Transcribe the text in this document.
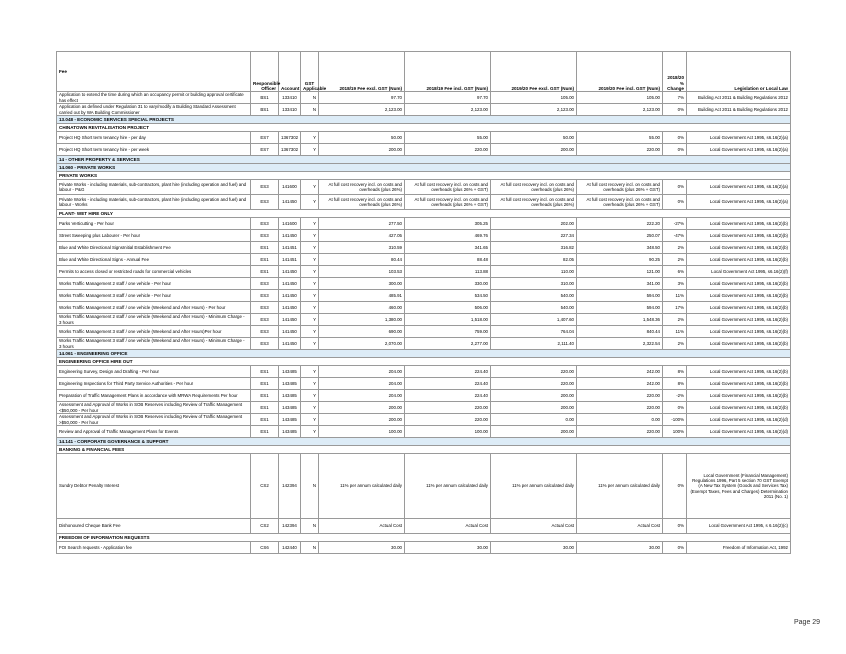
Fee	Responsible Officer	Account	GST Applicable	2018/19 Fee excl. GST (Num)	2018/19 Fee incl. GST (Num)	2019/20 Fee excl. GST (Num)	2019/20 Fee incl. GST (Num)	2018/20 % Change	Legislation or Local Law
Application to extend the time during which an occupancy permit or building approval certificate has effect	BS1	133410	N	97.70	97.70	105.00	105.00	7%	Building Act 2011 & Building Regulations 2012
Application as defined under Regulation 31 to vary/modify a Building Standard Assessment carried out by WA Building Commissioner	BS1	133410	N	2,123.00	2,123.00	2,123.00	2,123.00	0%	Building Act 2011 & Building Regulations 2012
13.048 - ECONOMIC SERVICES SPECIAL PROJECTS									
CHINATOWN REVITALISATION PROJECT									
Project HQ Short term tenancy hire - per day	ES7	1367302	Y	50.00	55.00	50.00	55.00	0%	Local Government Act 1995, s6.16(2)(a)
Project HQ Short term tenancy hire - per week	ES7	1367302	Y	200.00	220.00	200.00	220.00	0%	Local Government Act 1995, s6.16(2)(a)
14 - OTHER PROPERTY & SERVICES									
14.060 - PRIVATE WORKS									
PRIVATE WORKS									
Private Works - including materials, sub-contractors, plant hire (including operation and fuel) and labour - P&G	ES3	141600	Y	At full cost recovery incl. on costs and overheads (plus 26%)	At full cost recovery incl. on costs and overheads (plus 26% + GST)	At full cost recovery incl. on costs and overheads (plus 26%)	At full cost recovery incl. on costs and overheads (plus 26% + GST)	0%	Local Government Act 1995, s6.16(2)(a)
Private Works - including materials, sub-contractors, plant hire (including operation and fuel) and labour - Works	ES3	141450	Y	At full cost recovery incl. on costs and overheads (plus 26%)	At full cost recovery incl. on costs and overheads (plus 26% + GST)	At full cost recovery incl. on costs and overheads (plus 26%)	At full cost recovery incl. on costs and overheads (plus 26% + GST)	0%	Local Government Act 1995, s6.16(2)(a)
PLANT- WET HIRE ONLY									
Parks Verticutting - Per hour	ES3	141600	Y	277.50	305.25	202.00	222.20	-27%	Local Government Act 1995, s6.16(2)(b)
Street Sweeping plus Labourer - Per hour	ES3	141450	Y	427.05	469.76	227.34	250.07	-47%	Local Government Act 1995, s6.16(2)(b)
Blue and White Directional SignsInitial Establishment Fee	ES1	141451	Y	310.59	341.65	316.82	348.50	2%	Local Government Act 1995, s6.16(2)(b)
Blue and White Directional Signs - Annual Fee	ES1	141451	Y	80.44	88.48	82.05	90.25	2%	Local Government Act 1995, s6.16(2)(b)
Permits to access closed or restricted roads for commercial vehicles	ES1	141450	Y	103.53	113.88	110.00	121.00	6%	Local Government Act 1995, s6.16(2)(f)
Works Traffic Management 2 staff / one vehicle - Per hour	ES3	141450	Y	300.00	330.00	310.00	341.00	3%	Local Government Act 1995, s6.16(2)(b)
Works Traffic Management 3 staff / one vehicle - Per hour	ES3	141450	Y	485.91	534.50	540.00	594.00	11%	Local Government Act 1995, s6.16(2)(b)
Works Traffic Management 2 staff / one vehicle (Weekend and After Hours) - Per hour	ES3	141450	Y	460.00	506.00	540.00	594.00	17%	Local Government Act 1995, s6.16(2)(b)
Works Traffic Management 2 staff / one vehicle (Weekend and After Hours) - Minimum Charge - 3 hours	ES3	141450	Y	1,380.00	1,518.00	1,407.60	1,548.36	2%	Local Government Act 1995, s6.16(2)(b)
Works Traffic Management 3 staff / one vehicle (Weekend and After Hours)Per hour	ES3	141450	Y	690.00	759.00	764.04	840.44	11%	Local Government Act 1995, s6.16(2)(b)
Works Traffic Management 3 staff / one vehicle (Weekend and After Hours) - Minimum Charge - 3 hours	ES3	141450	Y	2,070.00	2,277.00	2,111.40	2,322.54	2%	Local Government Act 1995, s6.16(2)(b)
14.061 - ENGINEERING OFFICE									
ENGINEERING OFFICE HIRE OUT									
Engineering Survey, Design and Drafting - Per hour	ES1	143485	Y	204.00	224.40	220.00	242.00	8%	Local Government Act 1995, s6.16(2)(b)
Engineering Inspections for Third Party Service Authorities - Per hour	ES1	143485	Y	204.00	224.40	220.00	242.00	8%	Local Government Act 1995, s6.16(2)(b)
Preparation of Traffic Management Plans in accordance with MRWA Requirements Per hour	ES1	143485	Y	204.00	224.40	200.00	220.00	-2%	Local Government Act 1995, s6.16(2)(b)
Assessment and Approval of Works in SOB Reserves including Review of Traffic Management <$50,000 - Per hour	ES1	143485	Y	200.00	220.00	200.00	220.00	0%	Local Government Act 1995, s6.16(2)(b)
Assessment and Approval of Works in SOB Reserves including Review of Traffic Management >$50,000 - Per hour	ES1	143485	Y	200.00	220.00	0.00	0.00	-100%	Local Government Act 1995, s6.16(2)(d)
Review and Approval of Traffic Management Plans for Events	ES1	143485	Y	100.00	100.00	200.00	220.00	100%	Local Government Act 1995, s6.16(2)(d)
14.141 - CORPORATE GOVERNANCE & SUPPORT									
BANKING & FINANCIAL FEES									
Sundry Debtor Penalty Interest	CS2	142394	N	11% per annum calculated daily	11% per annum calculated daily	11% per annum calculated daily	11% per annum calculated daily	0%	Local Government (Financial Management) Regulations 1996, Part 5 section 70 GST Exempt (A New Tax System (Goods and Services Tax) (Exempt Taxes, Fees and Charges) Determination 2011 (No. 1)
Dishonoured Cheque Bank Fee	CS2	142394	N	Actual Cost	Actual Cost	Actual Cost	Actual Cost	0%	Local Government Act 1995, s 6.16(2)(c)
FREEDOM OF INFORMATION REQUESTS									
FOI Search requests - Application fee	CS6	142440	N	30.00	30.00	30.00	30.00	0%	Freedom of Information Act, 1992
Page 29
